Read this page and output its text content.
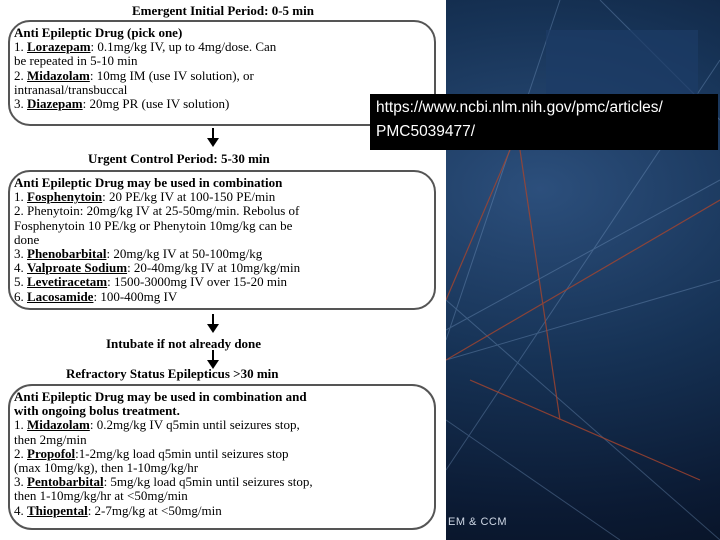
Emergent Initial Period: 0-5 min
Anti Epileptic Drug (pick one)
1. Lorazepam: 0.1mg/kg IV, up to 4mg/dose. Can
be repeated in 5-10 min
2. Midazolam: 10mg IM (use IV solution), or
intranasal/transbuccal
3. Diazepam: 20mg PR (use IV solution)
Urgent Control Period: 5-30 min
Anti Epileptic Drug may be used in combination
1. Fosphenytoin: 20 PE/kg IV at 100-150 PE/min
2. Phenytoin: 20mg/kg IV at 25-50mg/min. Rebolus of
Fosphenytoin 10 PE/kg or Phenytoin 10mg/kg can be
done
3. Phenobarbital: 20mg/kg IV at 50-100mg/kg
4. Valproate Sodium: 20-40mg/kg IV at 10mg/kg/min
5. Levetiracetam: 1500-3000mg IV over 15-20 min
6. Lacosamide: 100-400mg IV
Intubate if not already done
Refractory Status Epilepticus >30 min
Anti Epileptic Drug may be used in combination and
with ongoing bolus treatment.
1. Midazolam: 0.2mg/kg IV q5min until seizures stop,
then 2mg/min
2. Propofol:1-2mg/kg load q5min until seizures stop
(max 10mg/kg), then 1-10mg/kg/hr
3. Pentobarbital: 5mg/kg load q5min until seizures stop,
then 1-10mg/kg/hr at <50mg/min
4. Thiopental: 2-7mg/kg at <50mg/min
https://www.ncbi.nlm.nih.gov/pmc/articles/
PMC5039477/
EM & CCM
